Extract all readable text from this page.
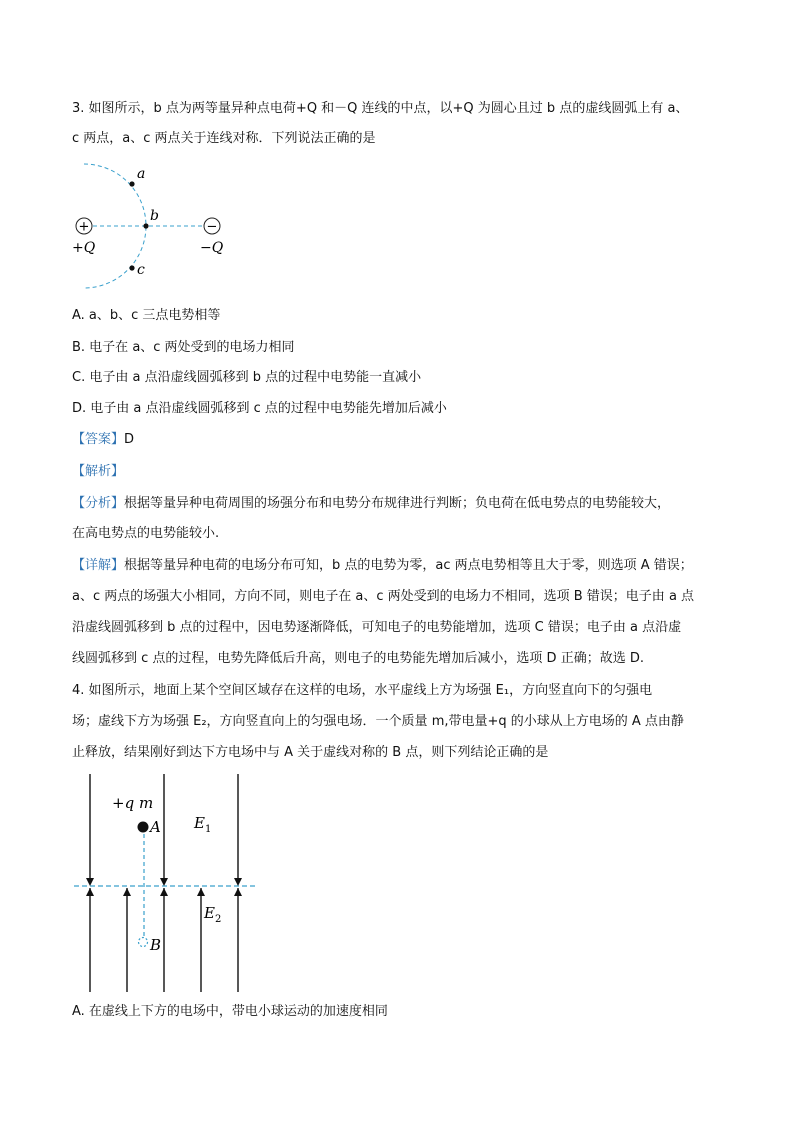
3. 如图所示，b 点为两等量异种点电荷+Q 和－Q 连线的中点，以+Q 为圆心且过 b 点的虚线圆弧上有 a、
c 两点，a、c 两点关于连线对称．下列说法正确的是
+	−
a
b
c
+Q	−Q
A. a、b、c 三点电势相等
B. 电子在 a、c 两处受到的电场力相同
C. 电子由 a 点沿虚线圆弧移到 b 点的过程中电势能一直减小
D. 电子由 a 点沿虚线圆弧移到 c 点的过程中电势能先增加后减小
【答案】D
【解析】
【分析】根据等量异种电荷周围的场强分布和电势分布规律进行判断；负电荷在低电势点的电势能较大，
在高电势点的电势能较小.
【详解】根据等量异种电荷的电场分布可知，b 点的电势为零，ac 两点电势相等且大于零，则选项 A 错误；
a、c 两点的场强大小相同，方向不同，则电子在 a、c 两处受到的电场力不相同，选项 B 错误；电子由 a 点
沿虚线圆弧移到 b 点的过程中，因电势逐渐降低，可知电子的电势能增加，选项 C 错误；电子由 a 点沿虚
线圆弧移到 c 点的过程，电势先降低后升高，则电子的电势能先增加后减小，选项 D 正确；故选 D.
4. 如图所示，地面上某个空间区域存在这样的电场，水平虚线上方为场强 E₁，方向竖直向下的匀强电
场；虚线下方为场强 E₂，方向竖直向上的匀强电场．一个质量 m,带电量+q 的小球从上方电场的 A 点由静
止释放，结果刚好到达下方电场中与 A 关于虚线对称的 B 点，则下列结论正确的是
+q m
A
B
$E_1$
$E_2$
A. 在虚线上下方的电场中，带电小球运动的加速度相同
